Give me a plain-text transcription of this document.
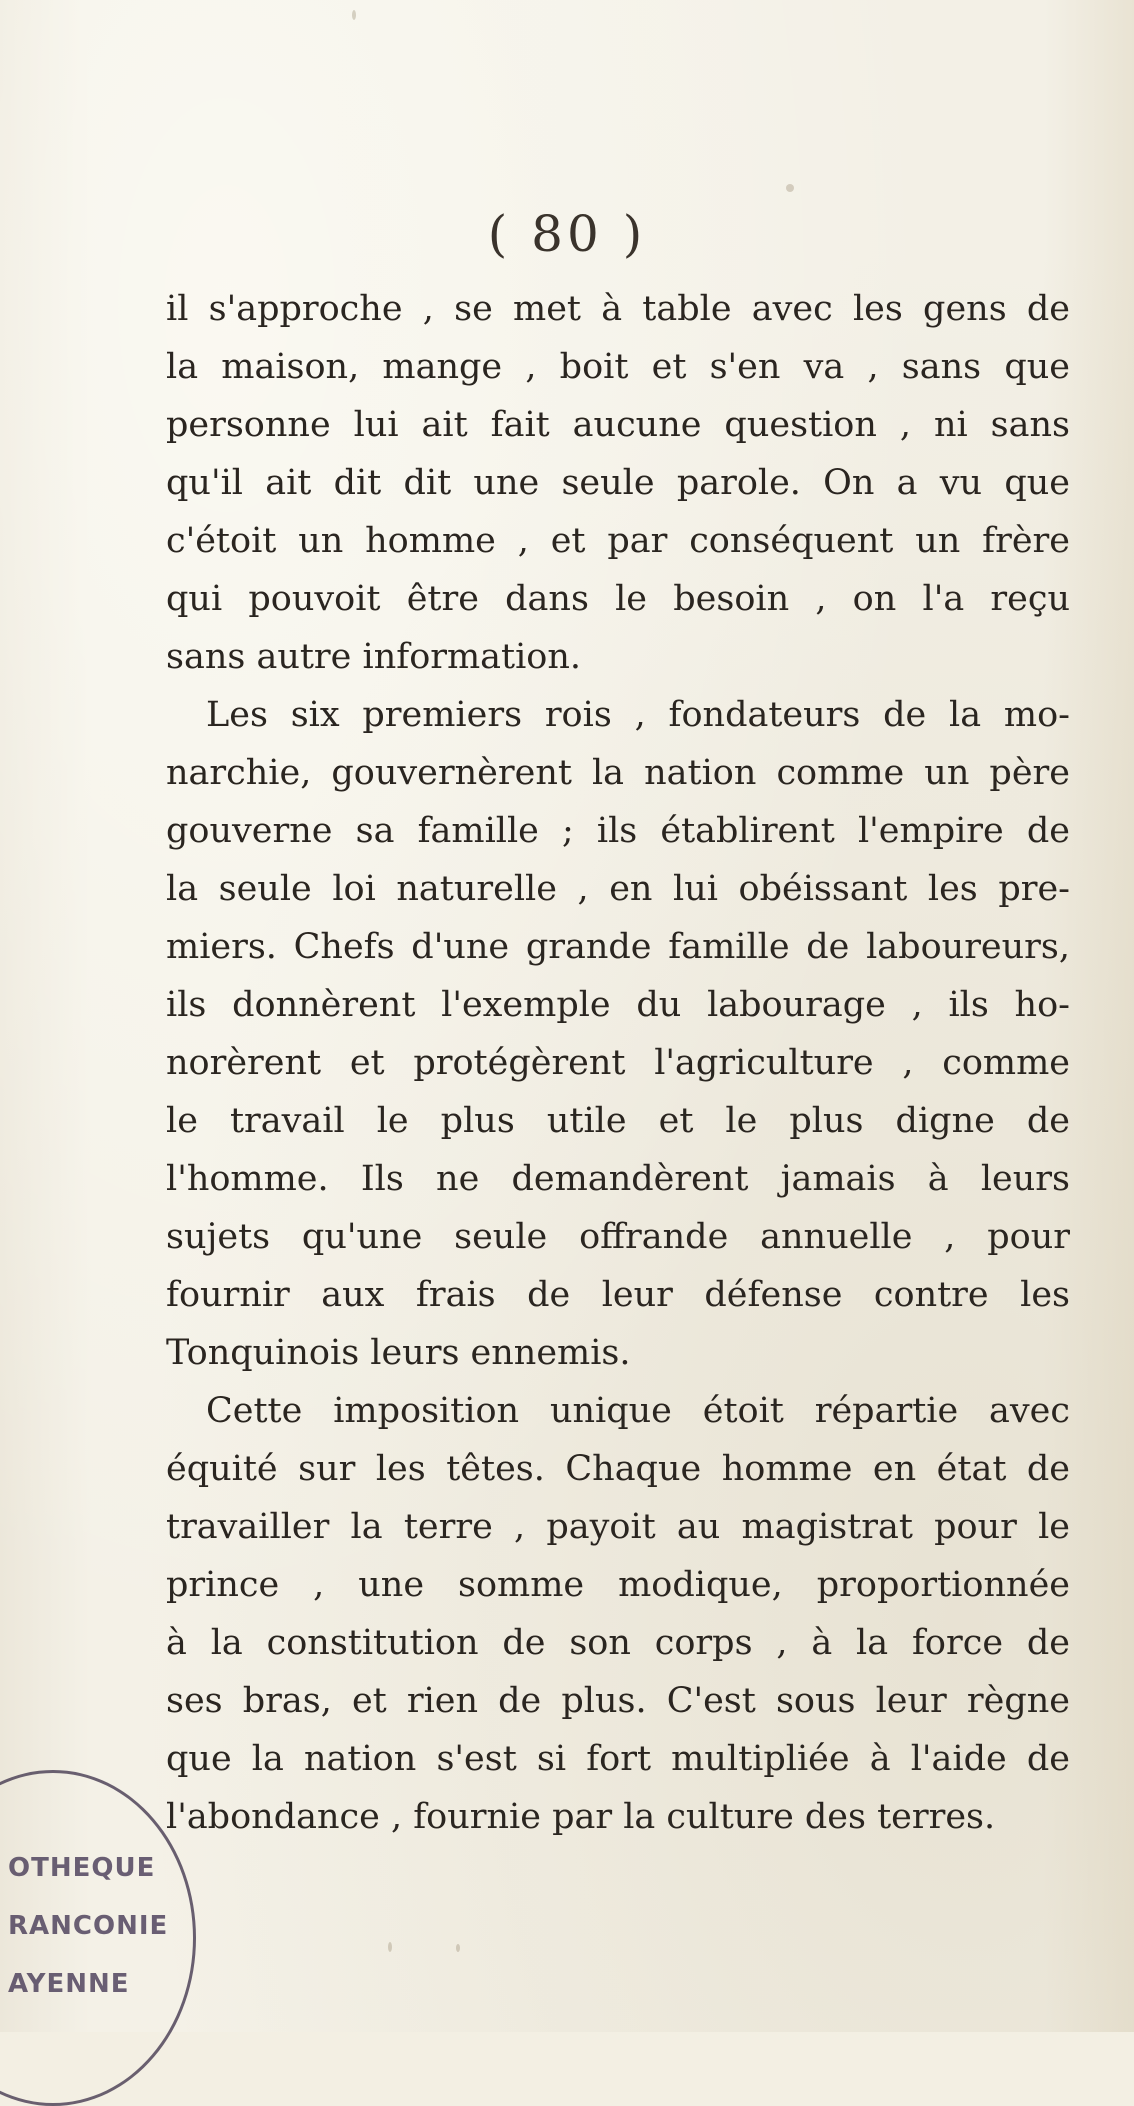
( 80 )

il s'approche , se met à table avec les gens de
la maison, mange , boit et s'en va , sans que
personne lui ait fait aucune question , ni sans
qu'il ait dit dit une seule parole. On a vu que
c'étoit un homme , et par conséquent un frère
qui pouvoit être dans le besoin , on l'a reçu
sans autre information.

Les six premiers rois , fondateurs de la mo-
narchie, gouvernèrent la nation comme un père
gouverne sa famille ; ils établirent l'empire de
la seule loi naturelle , en lui obéissant les pre-
miers. Chefs d'une grande famille de laboureurs,
ils donnèrent l'exemple du labourage , ils ho-
norèrent et protégèrent l'agriculture , comme
le travail le plus utile et le plus digne de
l'homme. Ils ne demandèrent jamais à leurs
sujets qu'une seule offrande annuelle , pour
fournir aux frais de leur défense contre les
Tonquinois leurs ennemis.

Cette imposition unique étoit répartie avec
équité sur les têtes. Chaque homme en état de
travailler la terre , payoit au magistrat pour le
prince , une somme modique, proportionnée
à la constitution de son corps , à la force de
ses bras, et rien de plus. C'est sous leur règne
que la nation s'est si fort multipliée à l'aide de
l'abondance , fournie par la culture des terres.

OTHEQUE
RANCONIE
AYENNE
